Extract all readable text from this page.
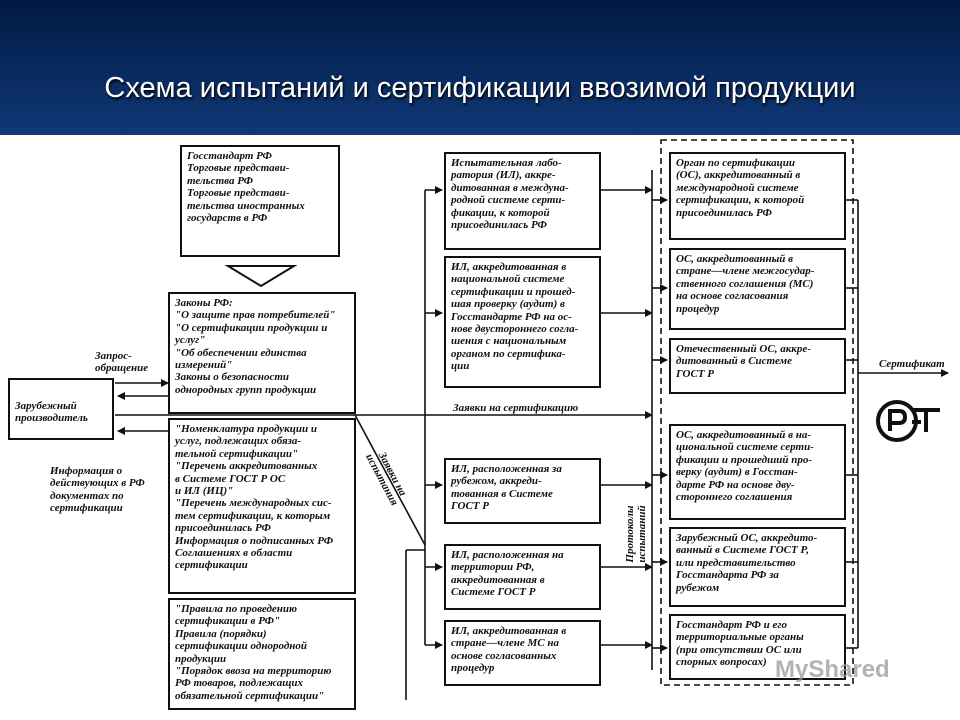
Схема испытаний и сертификации ввозимой продукции
Госстандарт РФ
Торговые представи-
тельства РФ
Торговые представи-
тельства иностранных
государств в РФ
Законы РФ:
"О защите прав потребителей"
"О сертификации продукции и
услуг"
"Об обеспечении единства
измерений"
Законы о безопасности
однородных групп продукции
"Номенклатура продукции и
услуг, подлежащих обяза-
тельной сертификации"
"Перечень аккредитованных
в Системе ГОСТ Р ОС
и ИЛ (ИЦ)"
"Перечень международных сис-
тем сертификации, к которым
присоединилась РФ
Информация о подписанных РФ
Соглашениях в области
сертификации
"Правила по проведению
сертификации в РФ"
Правила (порядки)
сертификации однородной
продукции
"Порядок ввоза на территорию
РФ товаров, подлежащих
обязательной сертификации"
Зарубежный
производитель
Испытательная лабо-
ратория (ИЛ), аккре-
дитованная в междуна-
родной системе серти-
фикации, к которой
присоединилась РФ
ИЛ, аккредитованная в
национальной системе
сертификации и прошед-
шая проверку (аудит) в
Госстандарте РФ на ос-
нове двустороннего согла-
шения с национальным
органом по сертифика-
ции
ИЛ, расположенная за
рубежом, аккреди-
тованная в Системе
ГОСТ Р
ИЛ, расположенная на
территории РФ,
аккредитованная в
Системе ГОСТ Р
ИЛ, аккредитованная в
стране—члене МС на
основе согласованных
процедур
Орган по сертификации
(ОС), аккредитованный в
международной системе
сертификации, к которой
присоединилась РФ
ОС, аккредитованный в
стране—члене межгосудар-
ственного соглашения (МС)
на основе согласования
процедур
Отечественный ОС, аккре-
дитованный в Системе
ГОСТ Р
ОС, аккредитованный в на-
циональной системе серти-
фикации и прошедший про-
верку (аудит) в Госстан-
дарте РФ на основе дву-
стороннего соглашения
Зарубежный ОС, аккредито-
ванный в Системе ГОСТ Р,
или представительство
Госстандарта РФ за
рубежом
Госстандарт РФ и его
территориальные органы
(при отсутствии ОС или
спорных вопросах)
Запрос-
обращение
Информация о
действующих в РФ
документах по
сертификации
Заявки на сертификацию
Сертификат
Заявки на
испытания
Протоколы
испытаний
РСТ
MyShared
